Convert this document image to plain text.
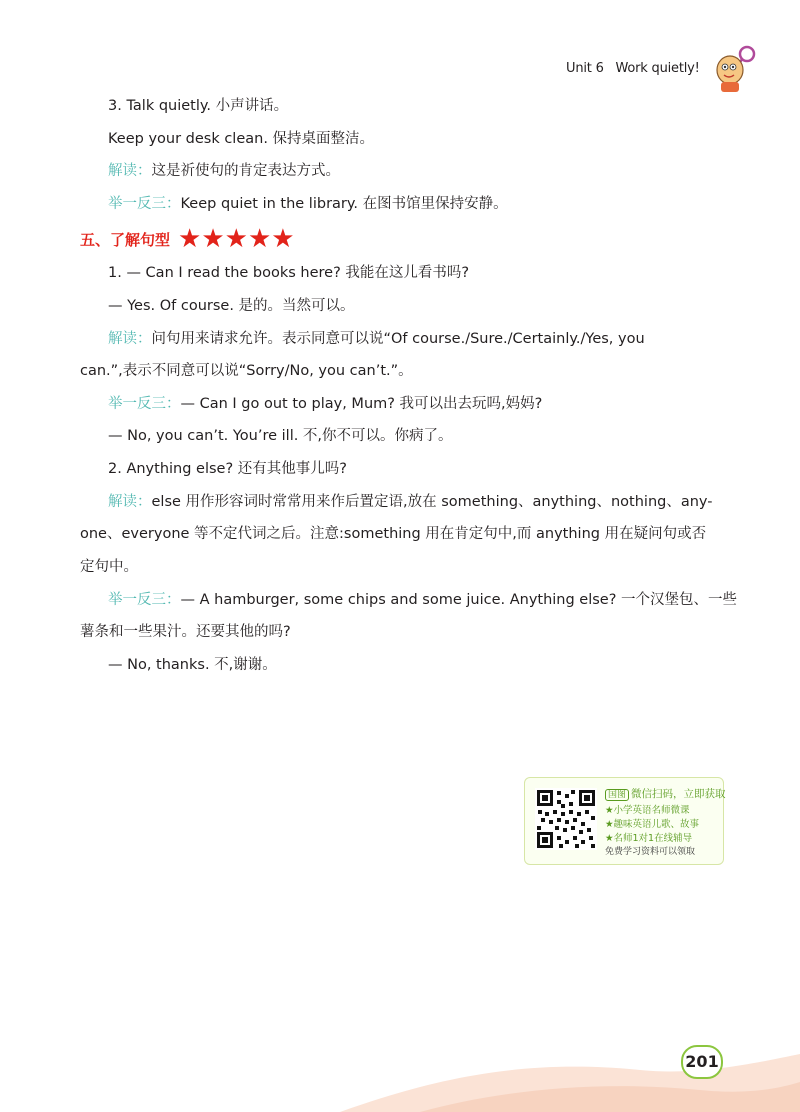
Unit 6 Work quietly!
3. Talk quietly. 小声讲话。
Keep your desk clean. 保持桌面整洁。
解读：这是祈使句的肯定表达方式。
举一反三：Keep quiet in the library. 在图书馆里保持安静。
五、了解句型 ★★★★★
1. — Can I read the books here? 我能在这儿看书吗?
— Yes. Of course. 是的。当然可以。
解读：问句用来请求允许。表示同意可以说“Of course./Sure./Certainly./Yes, you
can.”,表示不同意可以说“Sorry/No, you can’t.”。
举一反三：— Can I go out to play, Mum? 我可以出去玩吗,妈妈?
— No, you can’t. You’re ill. 不,你不可以。你病了。
2. Anything else? 还有其他事儿吗?
解读：else 用作形容词时常常用来作后置定语,放在 something、anything、nothing、any-
one、everyone 等不定代词之后。注意:something 用在肯定句中,而 anything 用在疑问句或否
定句中。
举一反三：— A hamburger, some chips and some juice. Anything else? 一个汉堡包、一些
薯条和一些果汁。还要其他的吗?
— No, thanks. 不,谢谢。
国图 微信扫码，立即获取
★小学英语名师微课
★趣味英语儿歌、故事
★名师1对1在线辅导
免费学习资料可以领取
201
